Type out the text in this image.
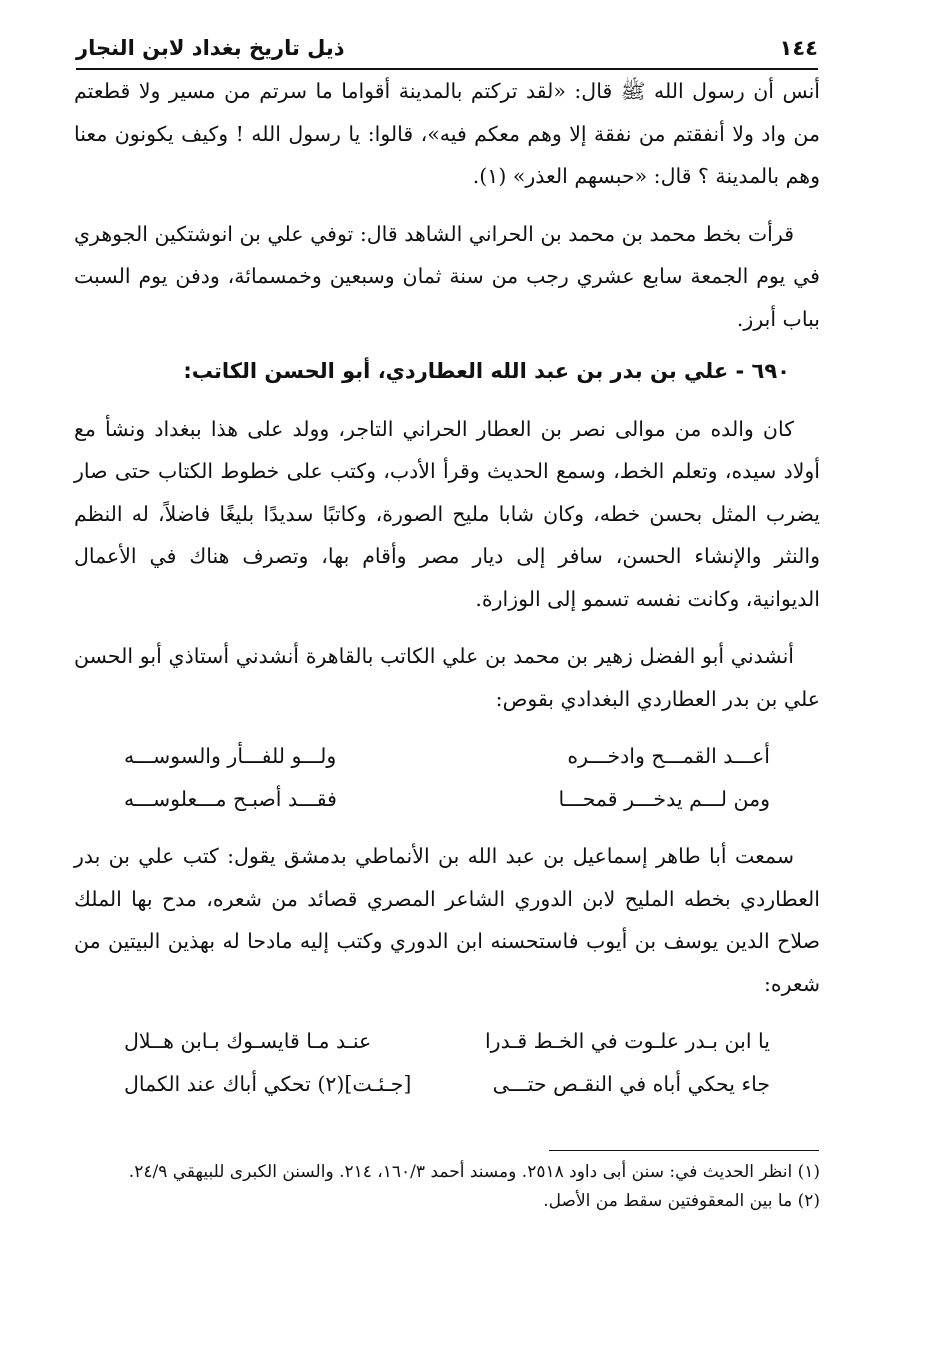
١٤٤
ذيل تاريخ بغداد لابن النجار

أنس أن رسول الله ﷺ قال: «لقد تركتم بالمدينة أقواما ما سرتم من مسير ولا قطعتم من واد ولا أنفقتم من نفقة إلا وهم معكم فيه»، قالوا: يا رسول الله ! وكيف يكونون معنا وهم بالمدينة ؟ قال: «حبسهم العذر» (١).

قرأت بخط محمد بن محمد بن الحراني الشاهد قال: توفي علي بن انوشتكين الجوهري في يوم الجمعة سابع عشري رجب من سنة ثمان وسبعين وخمسمائة، ودفن يوم السبت بباب أبرز.

٦٩٠ - علي بن بدر بن عبد الله العطاردي، أبو الحسن الكاتب:

كان والده من موالى نصر بن العطار الحراني التاجر، وولد على هذا ببغداد ونشأ مع أولاد سيده، وتعلم الخط، وسمع الحديث وقرأ الأدب، وكتب على خطوط الكتاب حتى صار يضرب المثل بحسن خطه، وكان شابا مليح الصورة، وكاتبًا سديدًا بليغًا فاضلاً، له النظم والنثر والإنشاء الحسن، سافر إلى ديار مصر وأقام بها، وتصرف هناك في الأعمال الديوانية، وكانت نفسه تسمو إلى الوزارة.

أنشدني أبو الفضل زهير بن محمد بن علي الكاتب بالقاهرة أنشدني أستاذي أبو الحسن علي بن بدر العطاردي البغدادي بقوص:

أعـــد القمـــح وادخـــره
ولـــو للفـــأر والسوســـه
ومن لـــم يدخـــر قمحـــا
فقـــد أصبـح مـــعلوســـه

سمعت أبا طاهر إسماعيل بن عبد الله بن الأنماطي بدمشق يقول: كتب علي بن بدر العطاردي بخطه المليح لابن الدوري الشاعر المصري قصائد من شعره، مدح بها الملك صلاح الدين يوسف بن أيوب فاستحسنه ابن الدوري وكتب إليه مادحا له بهذين البيتين من شعره:

يا ابن بـدر علـوت في الخـط قـدرا
عنـد مـا قايسـوك بـابن هــلال
جاء يحكي أباه في النقـص حتـــى
[جـئـت](٢) تحكي أباك عند الكمال

(١) انظر الحديث في: سنن أبى داود ٢٥١٨. ومسند أحمد ١٦٠/٣، ٢١٤. والسنن الكبرى للبيهقي ٢٤/٩.

(٢) ما بين المعقوفتين سقط من الأصل.
